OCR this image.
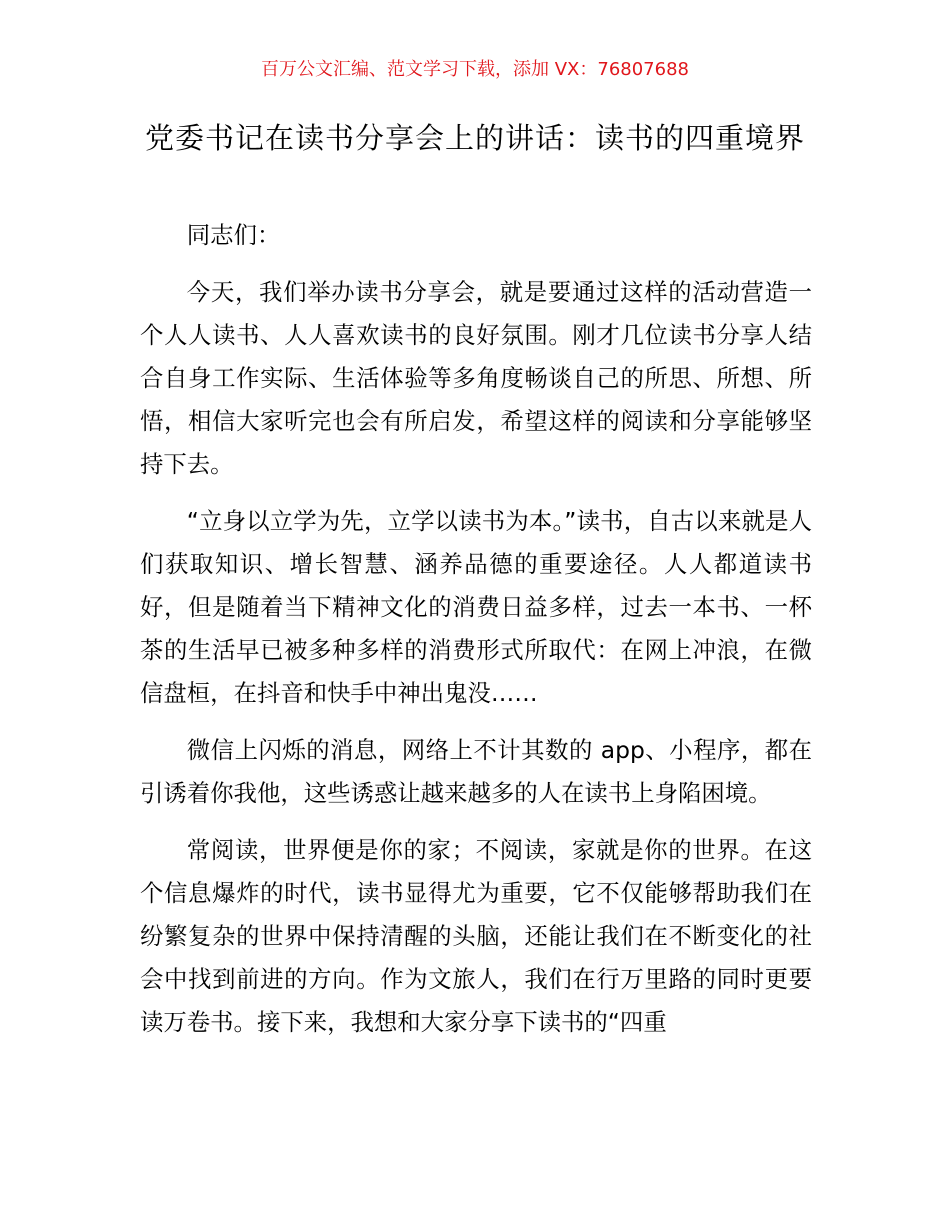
百万公文汇编、范文学习下载，添加 VX：76807688
党委书记在读书分享会上的讲话：读书的四重境界

同志们：

今天，我们举办读书分享会，就是要通过这样的活动营造一个人人读书、人人喜欢读书的良好氛围。刚才几位读书分享人结合自身工作实际、生活体验等多角度畅谈自己的所思、所想、所悟，相信大家听完也会有所启发，希望这样的阅读和分享能够坚持下去。

“立身以立学为先，立学以读书为本。”读书，自古以来就是人们获取知识、增长智慧、涵养品德的重要途径。人人都道读书好，但是随着当下精神文化的消费日益多样，过去一本书、一杯茶的生活早已被多种多样的消费形式所取代：在网上冲浪，在微信盘桓，在抖音和快手中神出鬼没……

微信上闪烁的消息，网络上不计其数的 app、小程序，都在引诱着你我他，这些诱惑让越来越多的人在读书上身陷困境。

常阅读，世界便是你的家；不阅读，家就是你的世界。在这个信息爆炸的时代，读书显得尤为重要，它不仅能够帮助我们在纷繁复杂的世界中保持清醒的头脑，还能让我们在不断变化的社会中找到前进的方向。作为文旅人，我们在行万里路的同时更要读万卷书。接下来，我想和大家分享下读书的“四重
